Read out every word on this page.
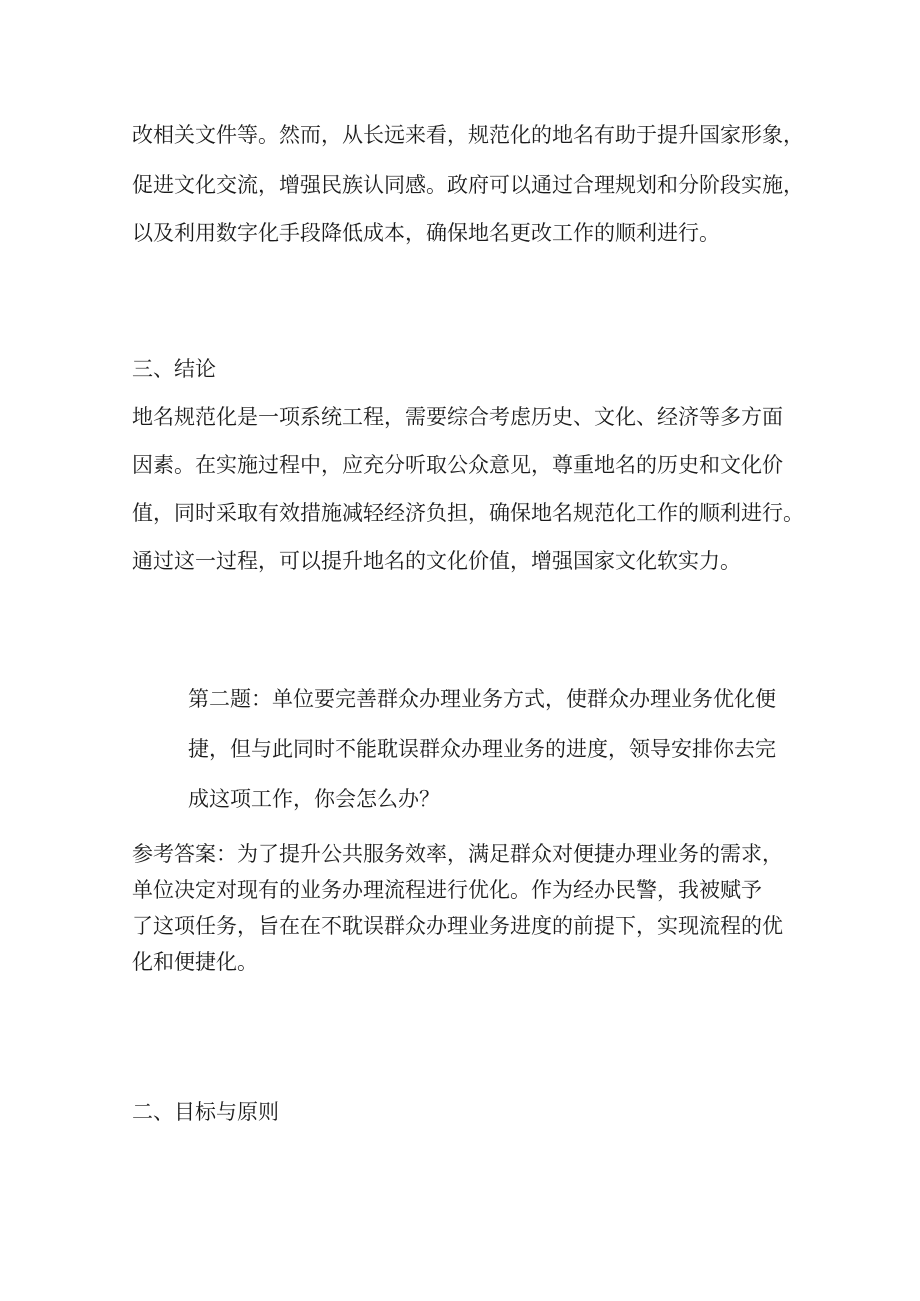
改相关文件等。然而，从长远来看，规范化的地名有助于提升国家形象，
促进文化交流，增强民族认同感。政府可以通过合理规划和分阶段实施，
以及利用数字化手段降低成本，确保地名更改工作的顺利进行。
三、结论
地名规范化是一项系统工程，需要综合考虑历史、文化、经济等多方面
因素。在实施过程中，应充分听取公众意见，尊重地名的历史和文化价
值，同时采取有效措施减轻经济负担，确保地名规范化工作的顺利进行。
通过这一过程，可以提升地名的文化价值，增强国家文化软实力。
第二题：单位要完善群众办理业务方式，使群众办理业务优化便
捷，但与此同时不能耽误群众办理业务的进度，领导安排你去完
成这项工作，你会怎么办？
参考答案：为了提升公共服务效率，满足群众对便捷办理业务的需求，
单位决定对现有的业务办理流程进行优化。作为经办民警，我被赋予
了这项任务，旨在在不耽误群众办理业务进度的前提下，实现流程的优
化和便捷化。
二、目标与原则
